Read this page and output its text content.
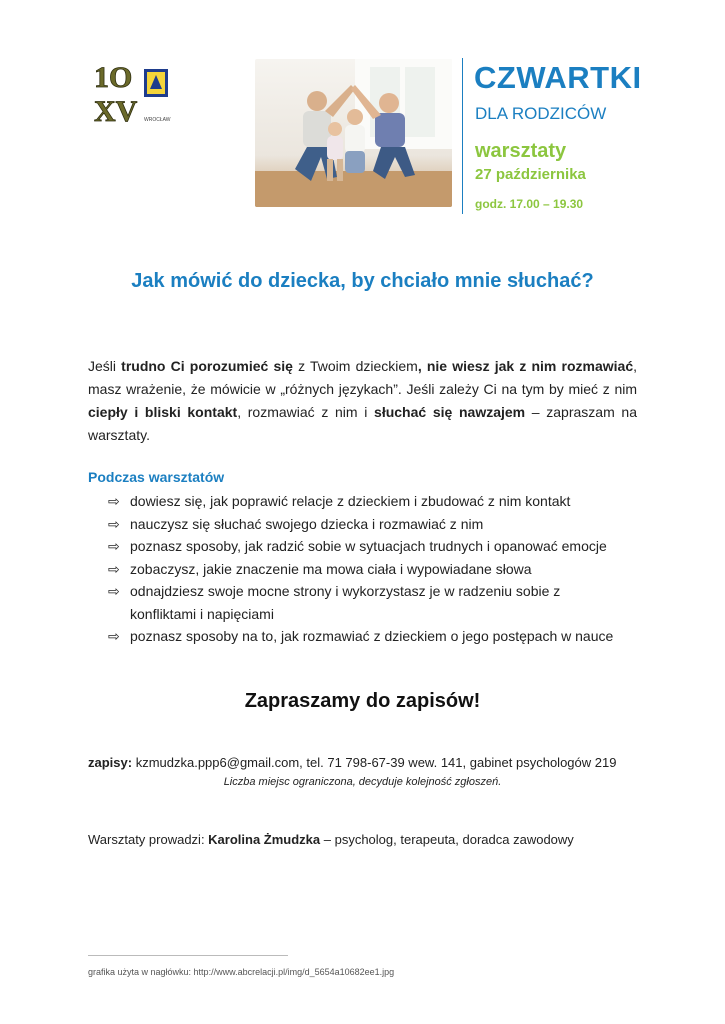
1O
XV WROCŁAW
CZWARTKI
DLA RODZICÓW
warsztaty
27 października
godz. 17.00 – 19.30
Jak mówić do dziecka, by chciało mnie słuchać?
Jeśli trudno Ci porozumieć się z Twoim dzieckiem, nie wiesz jak z nim rozmawiać, masz wrażenie, że mówicie w „różnych językach”. Jeśli zależy Ci na tym by mieć z nim ciepły i bliski kontakt, rozmawiać z nim i słuchać się nawzajem – zapraszam na warsztaty.
Podczas warsztatów
⇨ dowiesz się, jak poprawić relacje z dzieckiem i zbudować z nim kontakt
⇨ nauczysz się słuchać swojego dziecka i rozmawiać z nim
⇨ poznasz sposoby, jak radzić sobie w sytuacjach trudnych i opanować emocje
⇨ zobaczysz, jakie znaczenie ma mowa ciała i wypowiadane słowa
⇨ odnajdziesz swoje mocne strony i wykorzystasz je w radzeniu sobie z konfliktami i napięciami
⇨ poznasz sposoby na to, jak rozmawiać z dzieckiem o jego postępach w nauce
Zapraszamy do zapisów!
zapisy: kzmudzka.ppp6@gmail.com, tel. 71 798-67-39 wew. 141, gabinet psychologów 219
Liczba miejsc ograniczona, decyduje kolejność zgłoszeń.
Warsztaty prowadzi: Karolina Żmudzka – psycholog, terapeuta, doradca zawodowy
grafika użyta w nagłówku: http://www.abcrelacji.pl/img/d_5654a10682ee1.jpg
